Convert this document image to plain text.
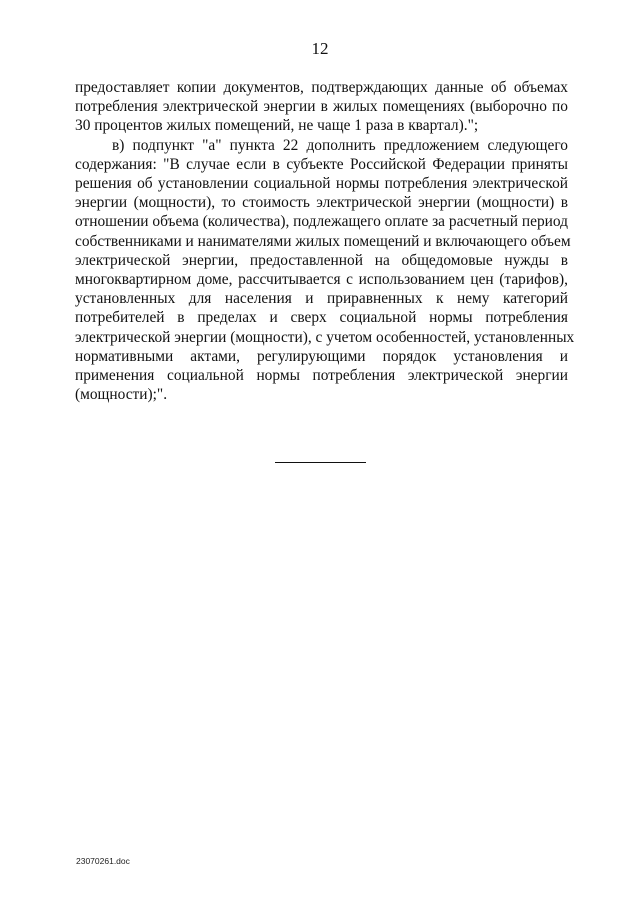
12

предоставляет копии документов, подтверждающих данные об объемах
потребления электрической энергии в жилых помещениях (выборочно по
30 процентов жилых помещений, не чаще 1 раза в квартал).";

в) подпункт "а" пункта 22 дополнить предложением следующего
содержания: "В случае если в субъекте Российской Федерации приняты
решения об установлении социальной нормы потребления электрической
энергии (мощности), то стоимость электрической энергии (мощности) в
отношении объема (количества), подлежащего оплате за расчетный период
собственниками и нанимателями жилых помещений и включающего объем
электрической энергии, предоставленной на общедомовые нужды в
многоквартирном доме, рассчитывается с использованием цен (тарифов),
установленных для населения и приравненных к нему категорий
потребителей в пределах и сверх социальной нормы потребления
электрической энергии (мощности), с учетом особенностей, установленных
нормативными актами, регулирующими порядок установления и
применения социальной нормы потребления электрической энергии
(мощности);".

23070261.doc
